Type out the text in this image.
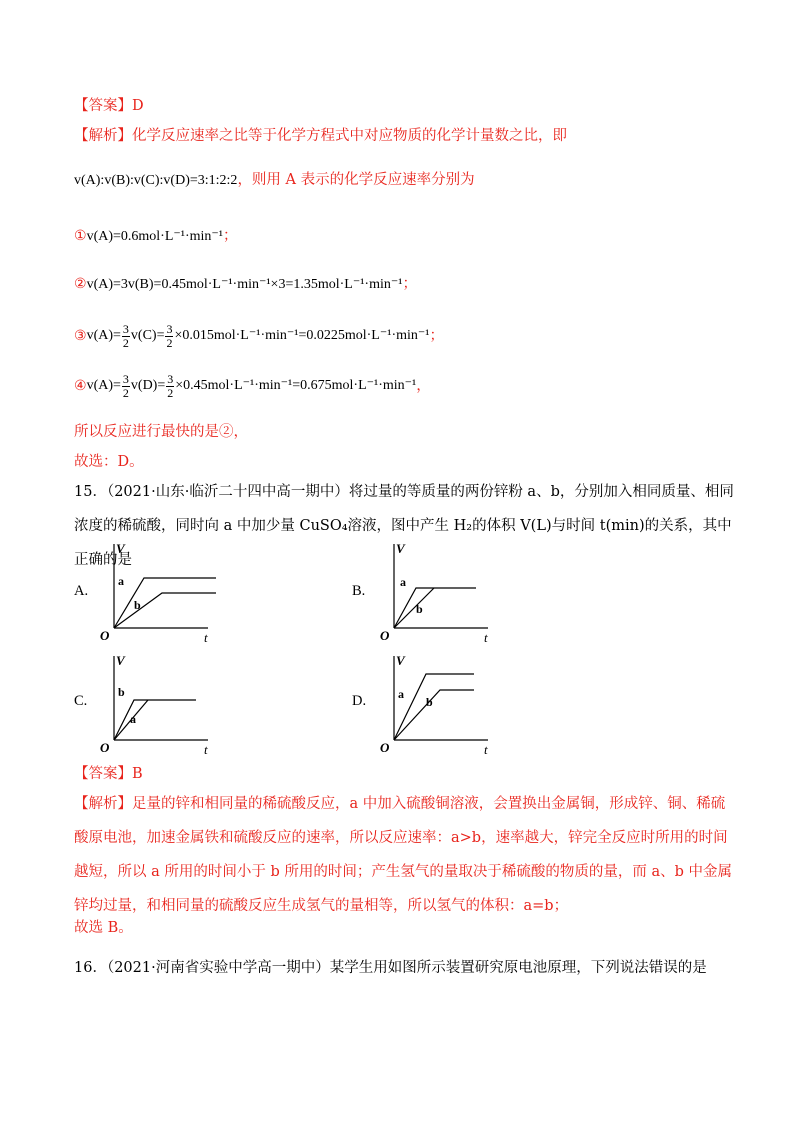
【答案】D
【解析】化学反应速率之比等于化学方程式中对应物质的化学计量数之比，即
v(A):v(B):v(C):v(D)=3:1:2:2，则用 A 表示的化学反应速率分别为
①v(A)=0.6mol·L⁻¹·min⁻¹；
②v(A)=3v(B)=0.45mol·L⁻¹·min⁻¹×3=1.35mol·L⁻¹·min⁻¹；
③ $v(A)= \frac{3}{2} v(C)= \frac{3}{2} \times 0.015mol\cdot L^{-1}\cdot\min^{-1}=0.0225mol\cdot L^{-1}\cdot\min^{-1}$ ；
④ $v(A)= \frac{3}{2} v(D)= \frac{3}{2} \times 0.45mol\cdot L^{-1}\cdot\min^{-1}=0.675mol\cdot L^{-1}\cdot\min^{-1}$ ，
所以反应进行最快的是②，
故选：D。
15．（2021·山东·临沂二十四中高一期中）将过量的等质量的两份锌粉 a、b，分别加入相同质量、相同浓度的稀硫酸，同时向 a 中加少量 CuSO₄溶液，图中产生 H₂的体积 V(L)与时间 t(min)的关系，其中正确的是
A.
V
O	t
a
b
B.
V
O	t
a
b
C.
V
O	t
b
a
D.
V
O	t
a
b
【答案】B
【解析】足量的锌和相同量的稀硫酸反应，a 中加入硫酸铜溶液，会置换出金属铜，形成锌、铜、稀硫酸原电池，加速金属铁和硫酸反应的速率，所以反应速率：a>b，速率越大，锌完全反应时所用的时间越短，所以 a 所用的时间小于 b 所用的时间；产生氢气的量取决于稀硫酸的物质的量，而 a、b 中金属锌均过量，和相同量的硫酸反应生成氢气的量相等，所以氢气的体积：a=b；
故选 B。
16．（2021·河南省实验中学高一期中）某学生用如图所示装置研究原电池原理，下列说法错误的是
